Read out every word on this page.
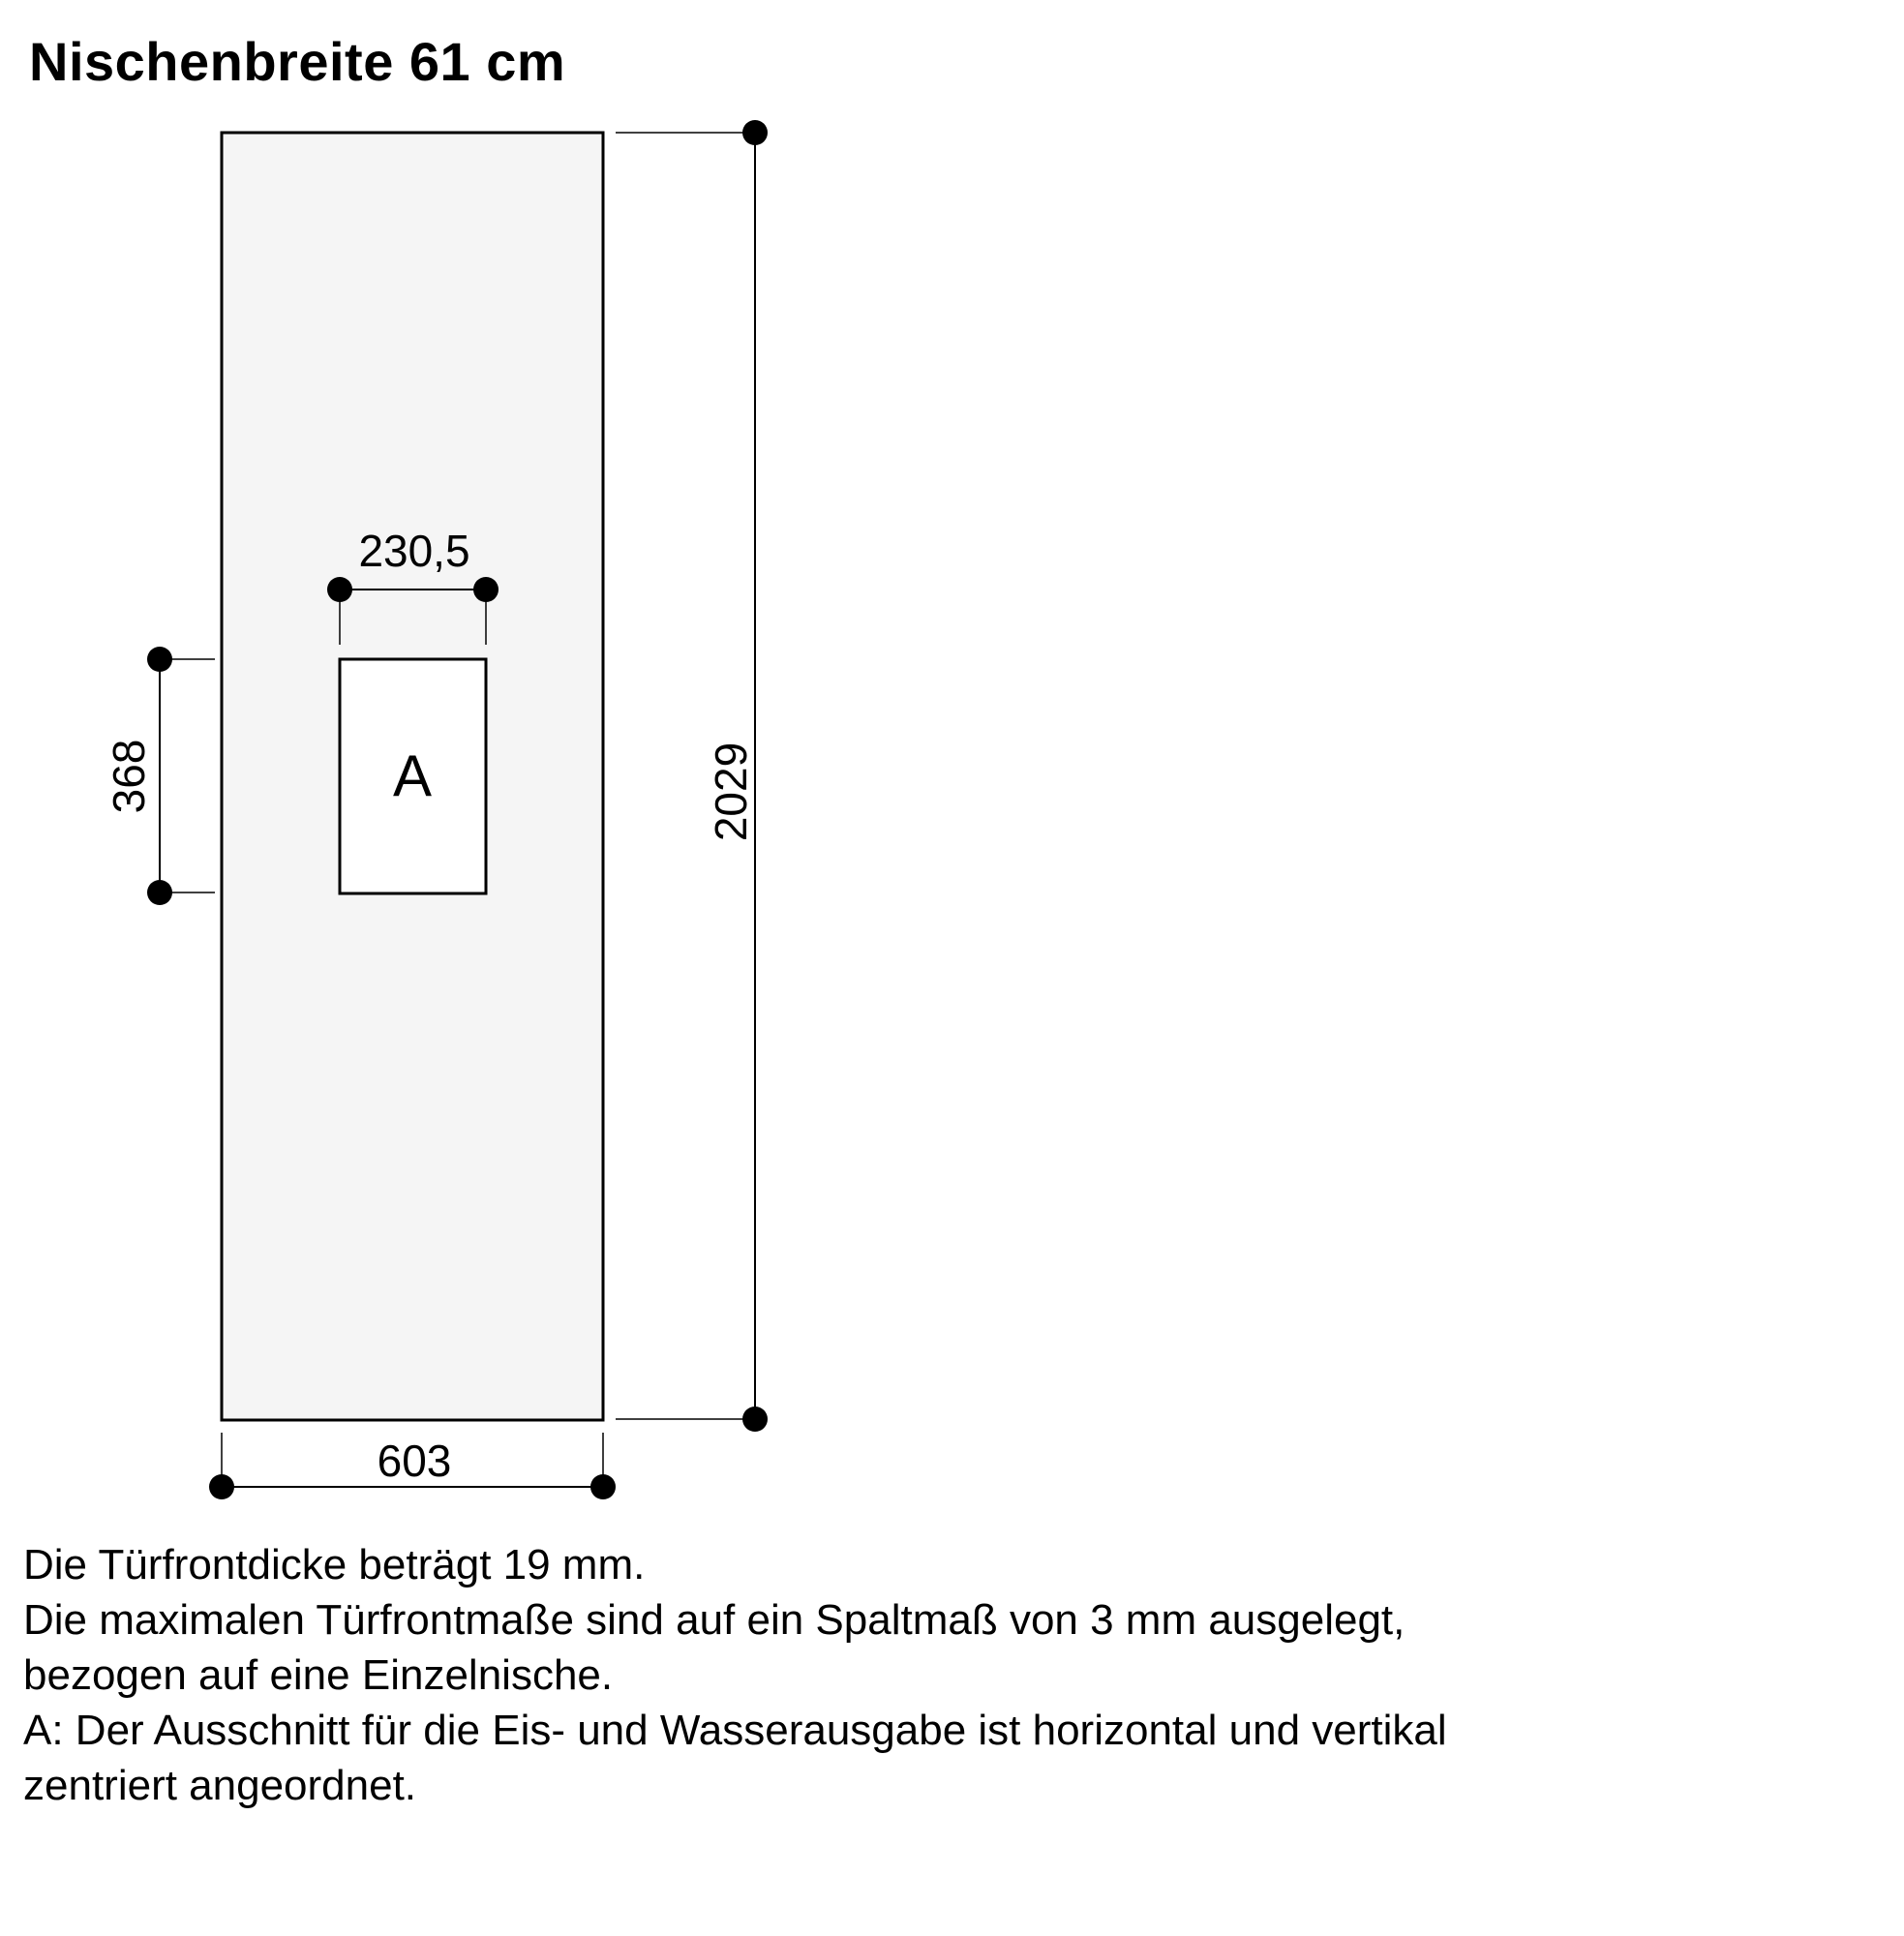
Nischenbreite 61 cm
A
230,5
368	2029
603

Die Türfrontdicke beträgt 19 mm.

Die maximalen Türfrontmaße sind auf ein Spaltmaß von 3 mm ausgelegt,

bezogen auf eine Einzelnische.

A: Der Ausschnitt für die Eis- und Wasserausgabe ist horizontal und vertikal

zentriert angeordnet.
